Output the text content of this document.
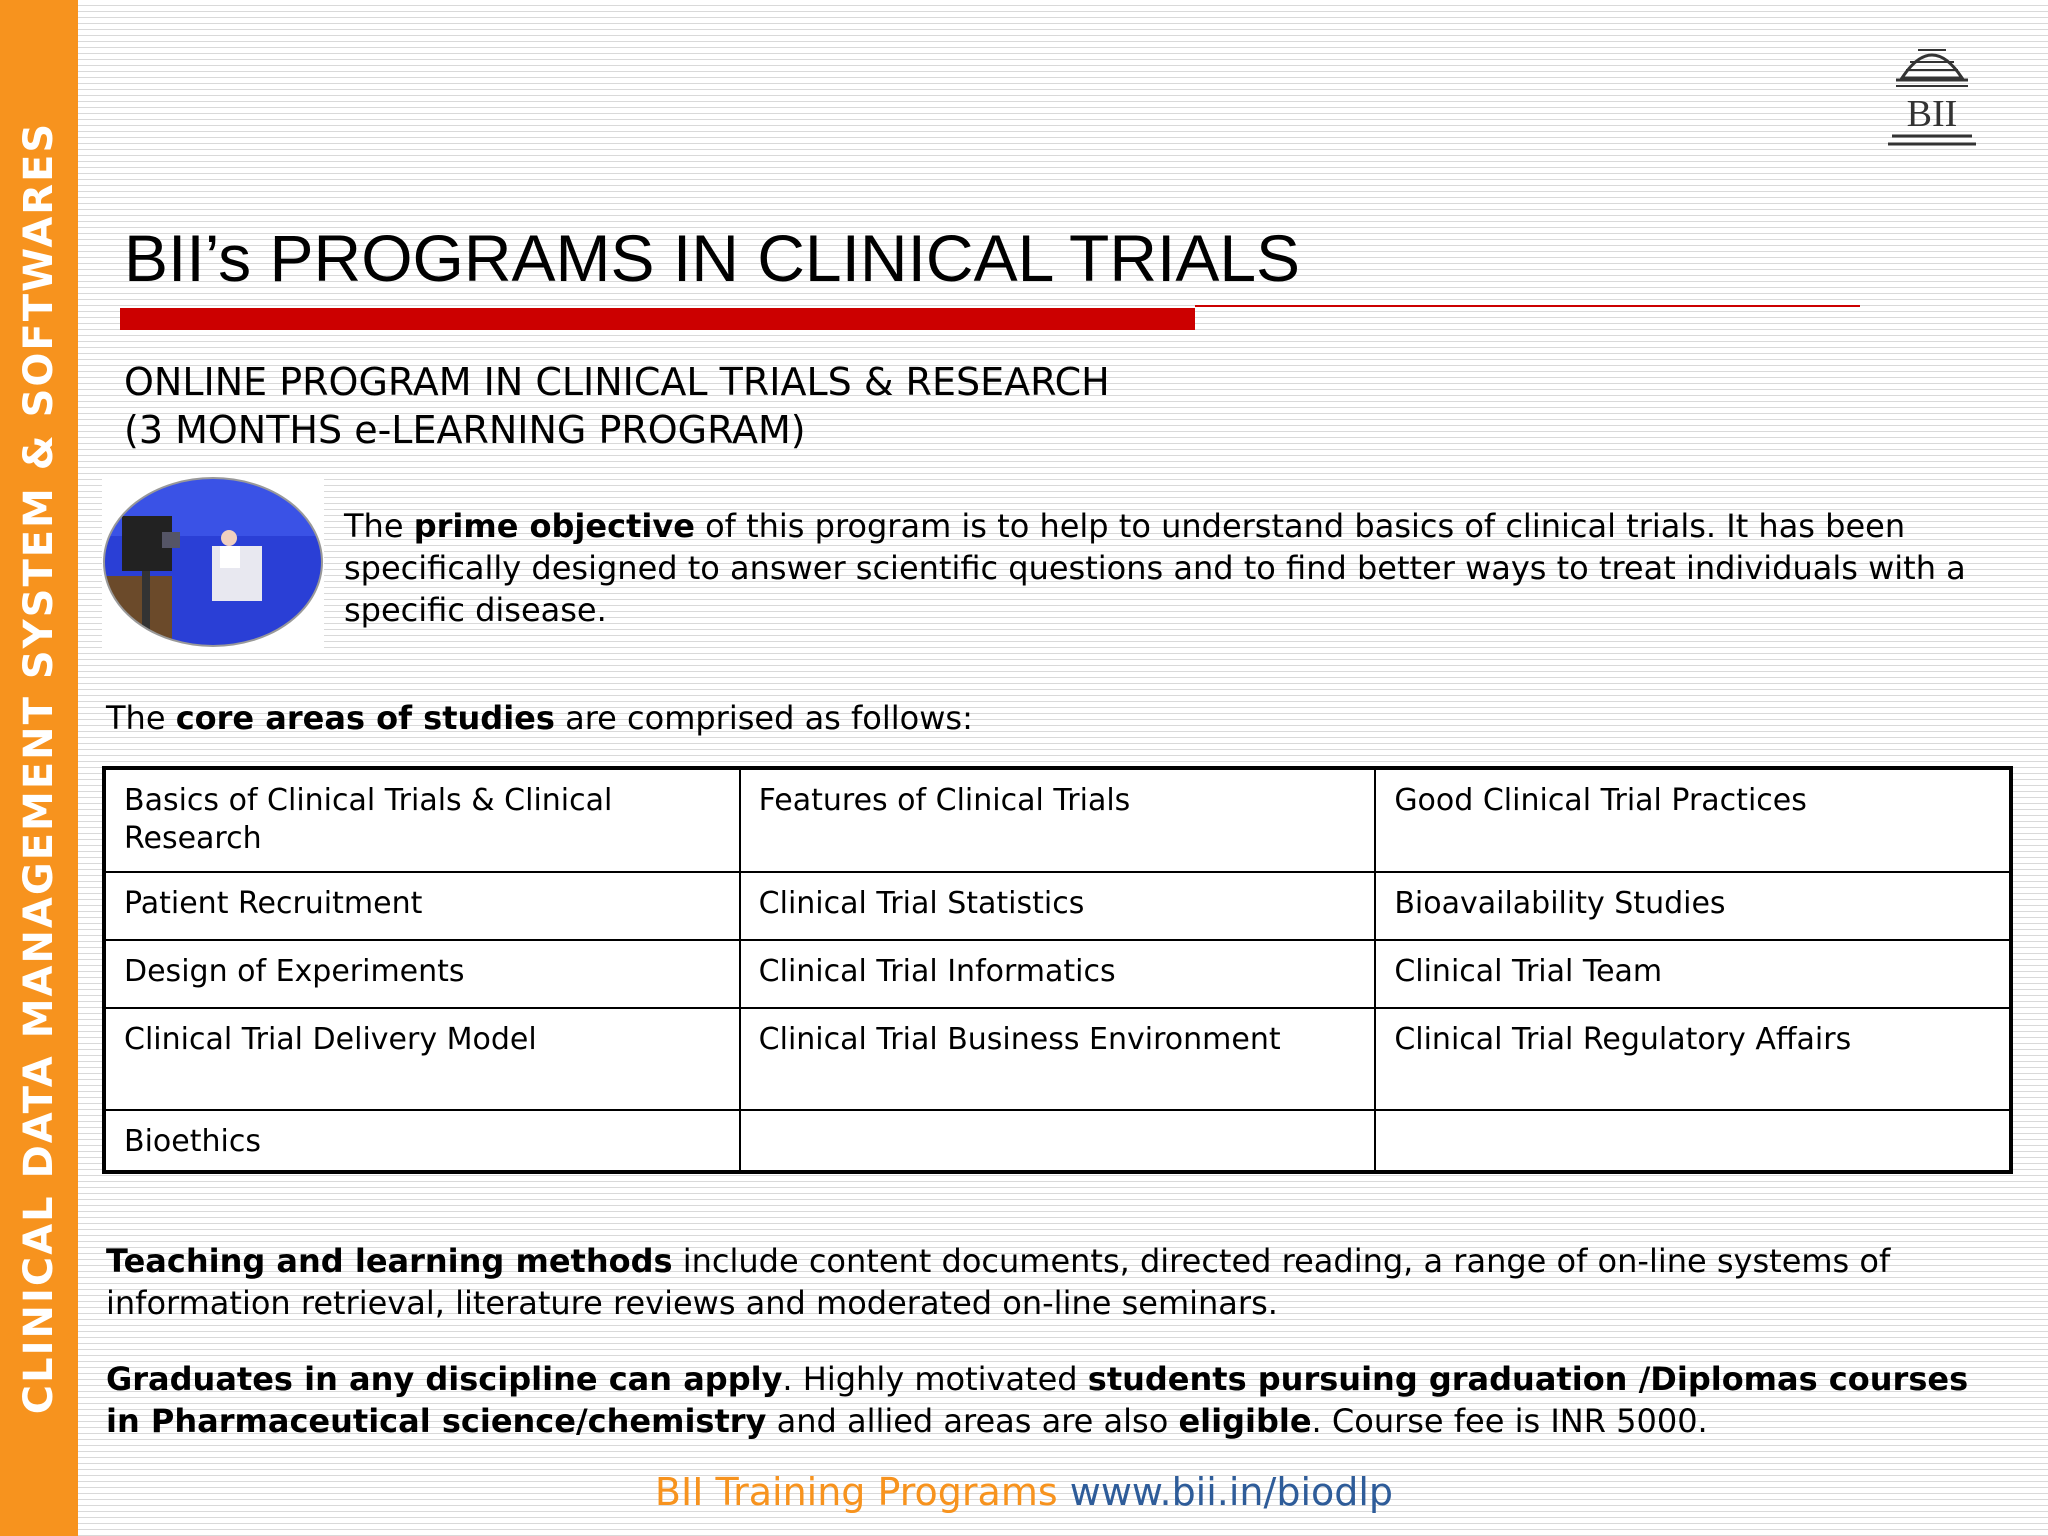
CLINICAL DATA MANAGEMENT SYSTEM & SOFTWARES
BII
BII’s PROGRAMS IN CLINICAL TRIALS
ONLINE PROGRAM IN CLINICAL TRIALS & RESEARCH
(3 MONTHS e-LEARNING PROGRAM)
The prime objective of this program is to help to understand basics of clinical trials. It has been specifically designed to answer scientific questions and to find better ways to treat individuals with a specific disease.
The core areas of studies are comprised as follows:
Basics of Clinical Trials & Clinical Research	Features of Clinical Trials	Good Clinical Trial Practices
Patient Recruitment	Clinical Trial Statistics	Bioavailability Studies
Design of Experiments	Clinical Trial Informatics	Clinical Trial Team
Clinical Trial Delivery Model	Clinical Trial Business Environment	Clinical Trial Regulatory Affairs
Bioethics		
Teaching and learning methods include content documents, directed reading, a range of on-line systems of information retrieval, literature reviews and moderated on-line seminars.
Graduates in any discipline can apply. Highly motivated students pursuing graduation /Diplomas courses in Pharmaceutical science/chemistry and allied areas are also eligible. Course fee is INR 5000.
BII Training Programs www.bii.in/biodlp
